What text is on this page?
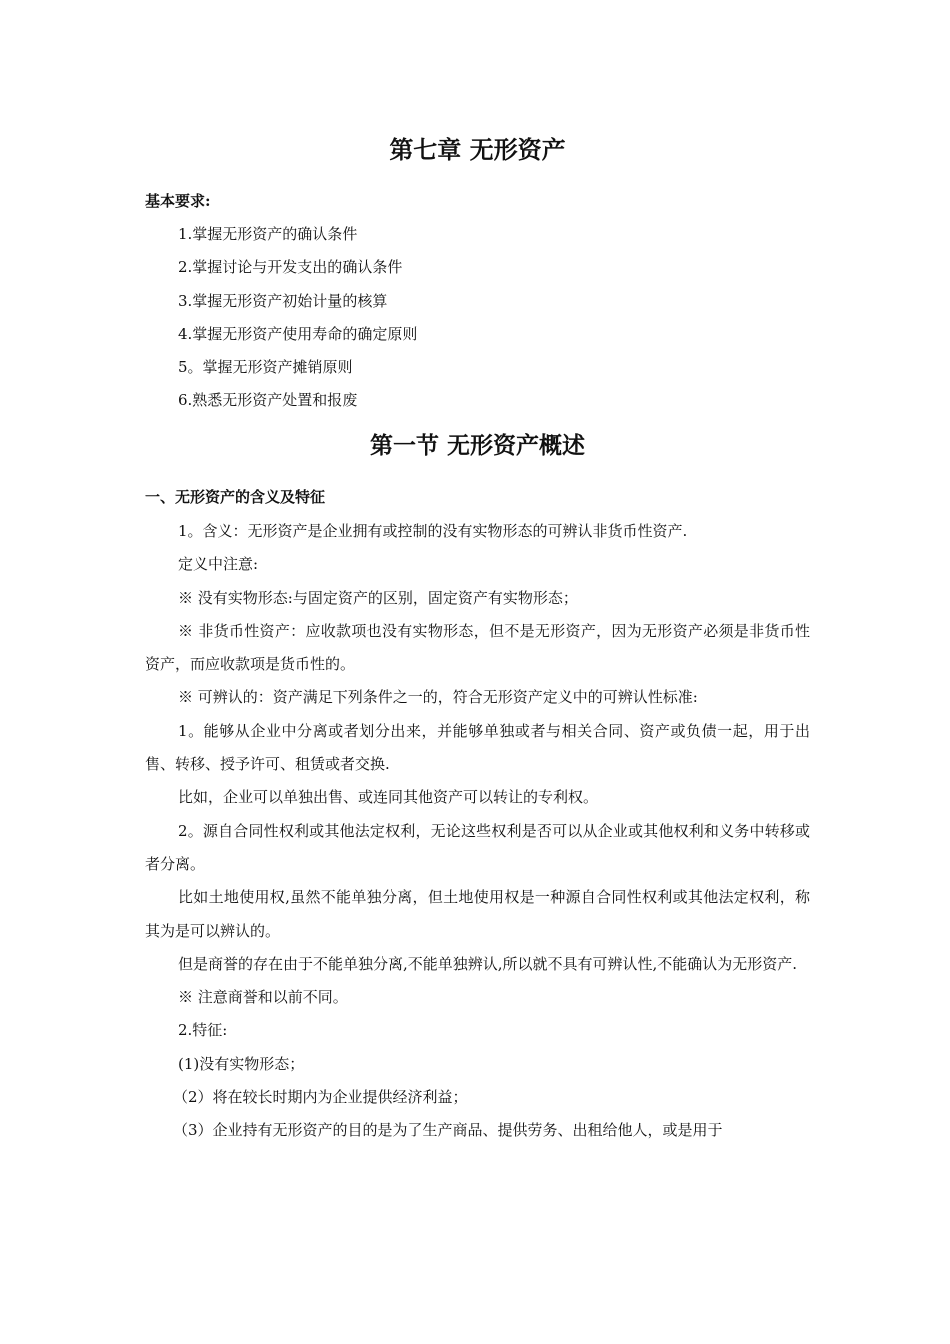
第七章 无形资产
基本要求:
1.掌握无形资产的确认条件
2.掌握讨论与开发支出的确认条件
3.掌握无形资产初始计量的核算
4.掌握无形资产使用寿命的确定原则
5。掌握无形资产摊销原则
6.熟悉无形资产处置和报废
第一节 无形资产概述
一、无形资产的含义及特征

1。含义：无形资产是企业拥有或控制的没有实物形态的可辨认非货币性资产.

定义中注意:

※ 没有实物形态:与固定资产的区别，固定资产有实物形态；

※ 非货币性资产：应收款项也没有实物形态，但不是无形资产，因为无形资产必须是非货币性资产，而应收款项是货币性的。

※ 可辨认的：资产满足下列条件之一的，符合无形资产定义中的可辨认性标准:

1。能够从企业中分离或者划分出来，并能够单独或者与相关合同、资产或负债一起，用于出售、转移、授予许可、租赁或者交换.

比如，企业可以单独出售、或连同其他资产可以转让的专利权。

2。源自合同性权利或其他法定权利，无论这些权利是否可以从企业或其他权利和义务中转移或者分离。

比如土地使用权,虽然不能单独分离，但土地使用权是一种源自合同性权利或其他法定权利，称其为是可以辨认的。

但是商誉的存在由于不能单独分离,不能单独辨认,所以就不具有可辨认性,不能确认为无形资产.

※ 注意商誉和以前不同。

2.特征:

(1)没有实物形态；

（2）将在较长时期内为企业提供经济利益；

（3）企业持有无形资产的目的是为了生产商品、提供劳务、出租给他人，或是用于
